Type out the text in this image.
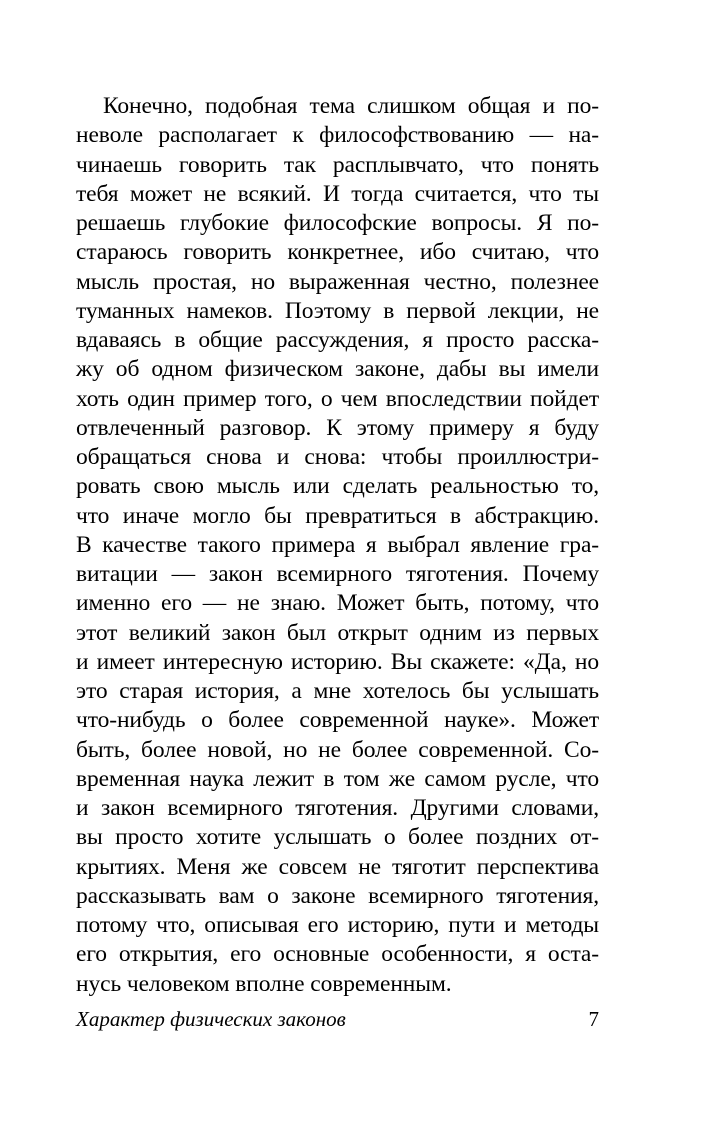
Конечно, подобная тема слишком общая и по-
неволе располагает к философствованию — на-
чинаешь говорить так расплывчато, что понять
тебя может не всякий. И тогда считается, что ты
решаешь глубокие философские вопросы. Я по-
стараюсь говорить конкретнее, ибо считаю, что
мысль простая, но выраженная честно, полезнее
туманных намеков. Поэтому в первой лекции, не
вдаваясь в общие рассуждения, я просто расска-
жу об одном физическом законе, дабы вы имели
хоть один пример того, о чем впоследствии пойдет
отвлеченный разговор. К этому примеру я буду
обращаться снова и снова: чтобы проиллюстри-
ровать свою мысль или сделать реальностью то,
что иначе могло бы превратиться в абстракцию.
В качестве такого примера я выбрал явление гра-
витации — закон всемирного тяготения. Почему
именно его — не знаю. Может быть, потому, что
этот великий закон был открыт одним из первых
и имеет интересную историю. Вы скажете: «Да, но
это старая история, а мне хотелось бы услышать
что-нибудь о более современной науке». Может
быть, более новой, но не более современной. Со-
временная наука лежит в том же самом русле, что
и закон всемирного тяготения. Другими словами,
вы просто хотите услышать о более поздних от-
крытиях. Меня же совсем не тяготит перспектива
рассказывать вам о законе всемирного тяготения,
потому что, описывая его историю, пути и методы
его открытия, его основные особенности, я оста-
нусь человеком вполне современным.
Характер физических законов	7
